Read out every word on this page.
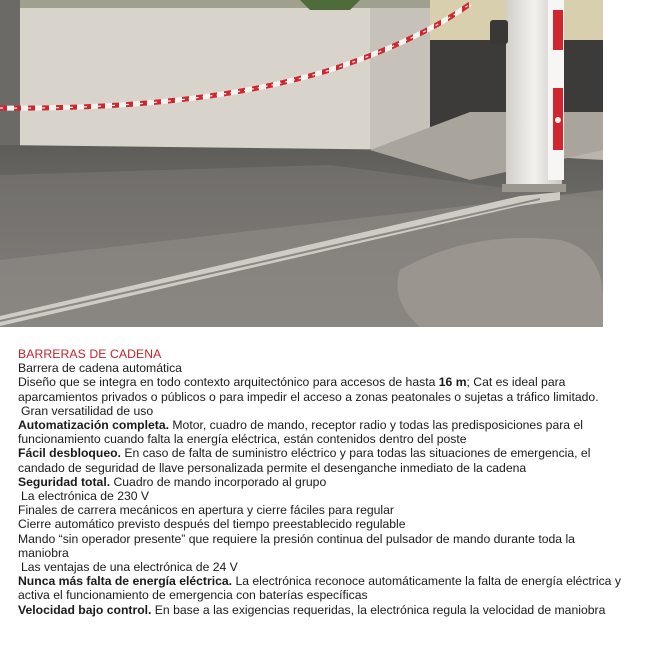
BARRERAS DE CADENA

Barrera de cadena automática

Diseño que se integra en todo contexto arquitectónico para accesos de hasta 16 m; Cat es ideal para aparcamientos privados o públicos o para impedir el acceso a zonas peatonales o sujetas a tráfico limitado.

Gran versatilidad de uso

Automatización completa. Motor, cuadro de mando, receptor radio y todas las predisposiciones para el funcionamiento cuando falta la energía eléctrica, están contenidos dentro del poste

Fácil desbloqueo. En caso de falta de suministro eléctrico y para todas las situaciones de emergencia, el candado de seguridad de llave personalizada permite el desenganche inmediato de la cadena

Seguridad total. Cuadro de mando incorporado al grupo

La electrónica de 230 V

Finales de carrera mecánicos en apertura y cierre fáciles para regular

Cierre automático previsto después del tiempo preestablecido regulable

Mando “sin operador presente” que requiere la presión continua del pulsador de mando durante toda la maniobra

Las ventajas de una electrónica de 24 V

Nunca más falta de energía eléctrica. La electrónica reconoce automáticamente la falta de energía eléctrica y activa el funcionamiento de emergencia con baterías específicas

Velocidad bajo control. En base a las exigencias requeridas, la electrónica regula la velocidad de maniobra
